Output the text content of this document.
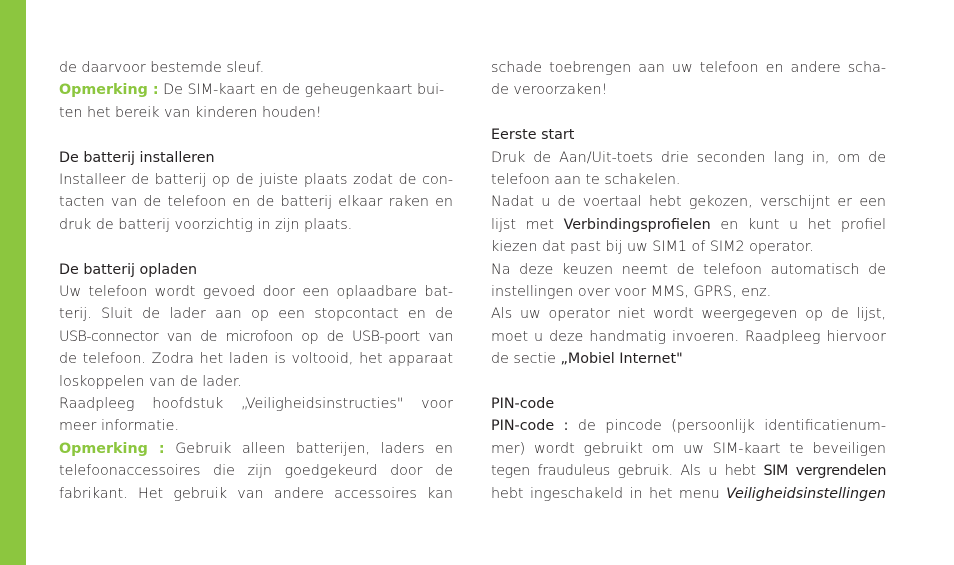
de daarvoor bestemde sleuf.
Opmerking : De SIM-kaart en de geheugenkaart bui-
ten het bereik van kinderen houden!
De batterij installeren
Installeer de batterij op de juiste plaats zodat de con-
tacten van de telefoon en de batterij elkaar raken en
druk de batterij voorzichtig in zijn plaats.
De batterij opladen
Uw telefoon wordt gevoed door een oplaadbare bat-
terij. Sluit de lader aan op een stopcontact en de
USB-connector van de microfoon op de USB-poort van
de telefoon. Zodra het laden is voltooid, het apparaat
loskoppelen van de lader.
Raadpleeg hoofdstuk „Veiligheidsinstructies" voor
meer informatie.
Opmerking : Gebruik alleen batterijen, laders en
telefoonaccessoires die zijn goedgekeurd door de
fabrikant. Het gebruik van andere accessoires kan
schade toebrengen aan uw telefoon en andere scha-
de veroorzaken!
Eerste start
Druk de Aan/Uit-toets drie seconden lang in, om de
telefoon aan te schakelen.
Nadat u de voertaal hebt gekozen, verschijnt er een
lijst met Verbindingsprofielen en kunt u het profiel
kiezen dat past bij uw SIM1 of SIM2 operator.
Na deze keuzen neemt de telefoon automatisch de
instellingen over voor MMS, GPRS, enz.
Als uw operator niet wordt weergegeven op de lijst,
moet u deze handmatig invoeren. Raadpleeg hiervoor
de sectie „Mobiel Internet"
PIN-code
PIN-code : de pincode (persoonlijk identificatienum-
mer) wordt gebruikt om uw SIM-kaart te beveiligen
tegen frauduleus gebruik. Als u hebt SIM vergrendelen
hebt ingeschakeld in het menu Veiligheidsinstellingen
